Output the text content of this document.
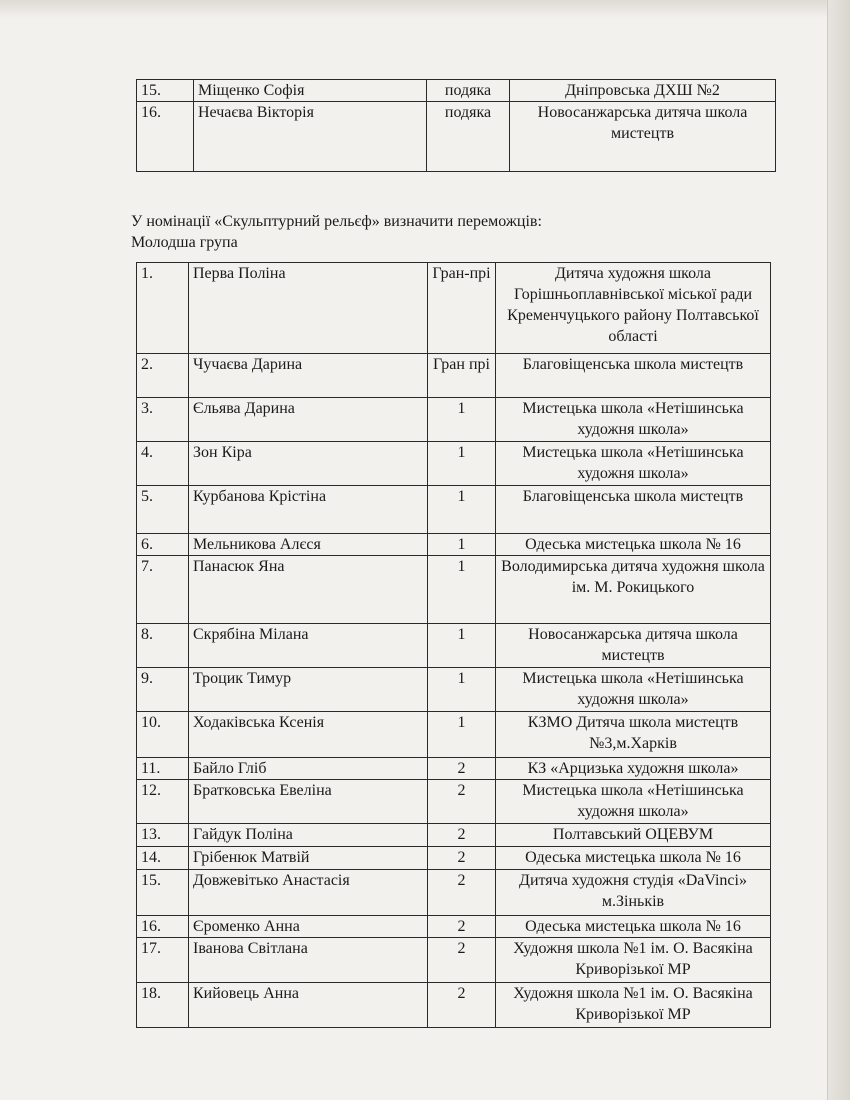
15.	Міщенко Софія	подяка	Дніпровська ДХШ №2
16.	Нечаєва Вікторія	подяка	Новосанжарська дитяча школа мистецтв
У номінації «Скульптурний рельєф» визначити переможців:
Молодша група
1.	Перва Поліна	Гран-прі	Дитяча художня школа Горішньоплавнівської міської ради Кременчуцького району Полтавської області
2.	Чучаєва Дарина	Гран прі	Благовіщенська школа мистецтв
3.	Єльява Дарина	1	Мистецька школа «Нетішинська художня школа»
4.	Зон Кіра	1	Мистецька школа «Нетішинська художня школа»
5.	Курбанова Крістіна	1	Благовіщенська школа мистецтв
6.	Мельникова Алєся	1	Одеська мистецька школа № 16
7.	Панасюк Яна	1	Володимирська дитяча художня школа ім. М. Рокицького
8.	Скрябіна Мілана	1	Новосанжарська дитяча школа мистецтв
9.	Троцик Тимур	1	Мистецька школа «Нетішинська художня школа»
10.	Ходаківська Ксенія	1	КЗМО Дитяча школа мистецтв №3,м.Харків
11.	Байло Гліб	2	КЗ «Арцизька художня школа»
12.	Братковська Евеліна	2	Мистецька школа «Нетішинська художня школа»
13.	Гайдук Поліна	2	Полтавський ОЦЕВУМ
14.	Грібенюк Матвій	2	Одеська мистецька школа № 16
15.	Довжевітько Анастасія	2	Дитяча художня студія «DaVinci» м.Зіньків
16.	Єроменко Анна	2	Одеська мистецька школа № 16
17.	Іванова Світлана	2	Художня школа №1 ім. О. Васякіна Криворізької МР
18.	Кийовець Анна	2	Художня школа №1 ім. О. Васякіна Криворізької МР
